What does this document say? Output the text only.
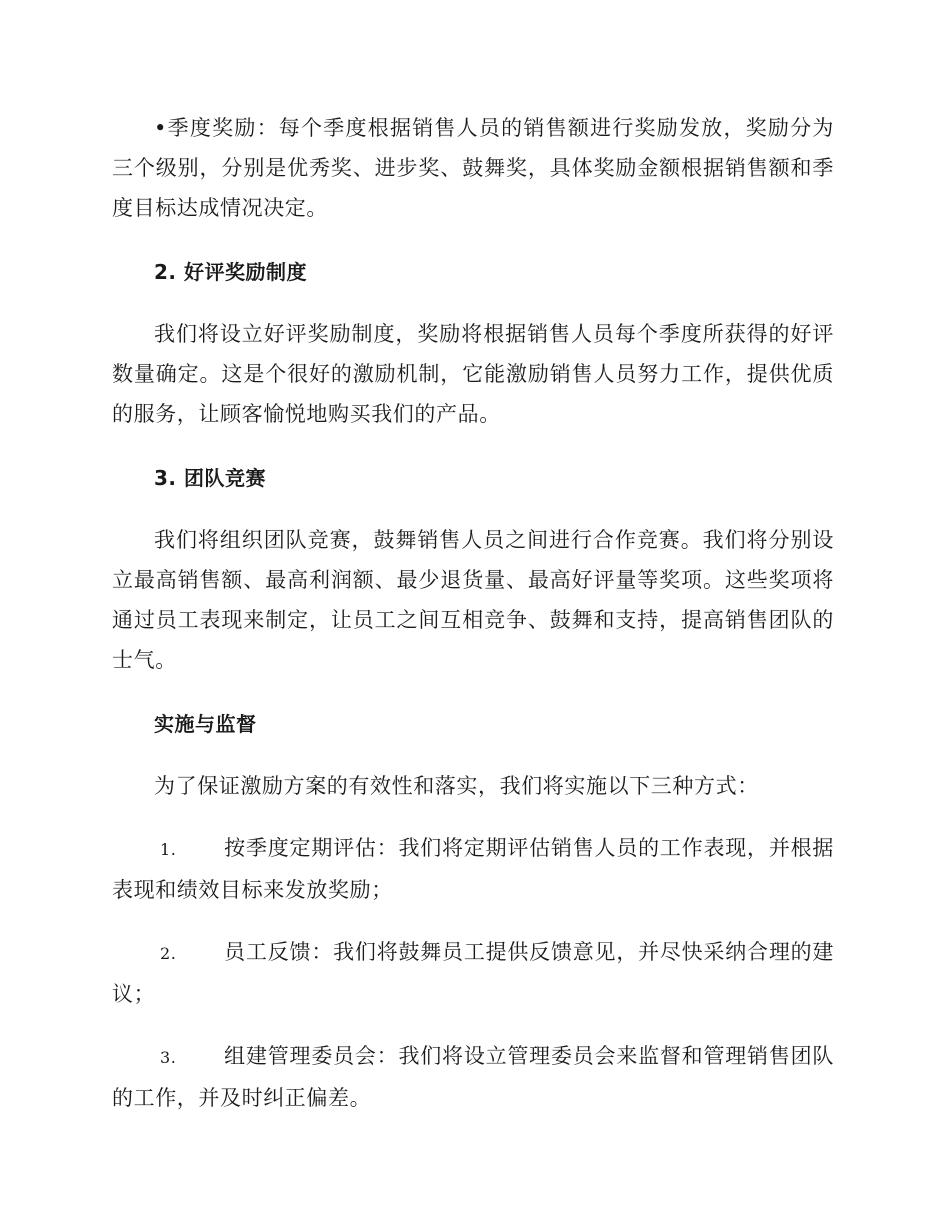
•季度奖励：每个季度根据销售人员的销售额进行奖励发放，奖励分为三个级别，分别是优秀奖、进步奖、鼓舞奖，具体奖励金额根据销售额和季度目标达成情况决定。

2. 好评奖励制度

我们将设立好评奖励制度，奖励将根据销售人员每个季度所获得的好评数量确定。这是个很好的激励机制，它能激励销售人员努力工作，提供优质的服务，让顾客愉悦地购买我们的产品。

3. 团队竞赛

我们将组织团队竞赛，鼓舞销售人员之间进行合作竞赛。我们将分别设立最高销售额、最高利润额、最少退货量、最高好评量等奖项。这些奖项将通过员工表现来制定，让员工之间互相竞争、鼓舞和支持，提高销售团队的士气。

实施与监督

为了保证激励方案的有效性和落实，我们将实施以下三种方式：

1. 按季度定期评估：我们将定期评估销售人员的工作表现，并根据表现和绩效目标来发放奖励；

2. 员工反馈：我们将鼓舞员工提供反馈意见，并尽快采纳合理的建议；

3. 组建管理委员会：我们将设立管理委员会来监督和管理销售团队的工作，并及时纠正偏差。
